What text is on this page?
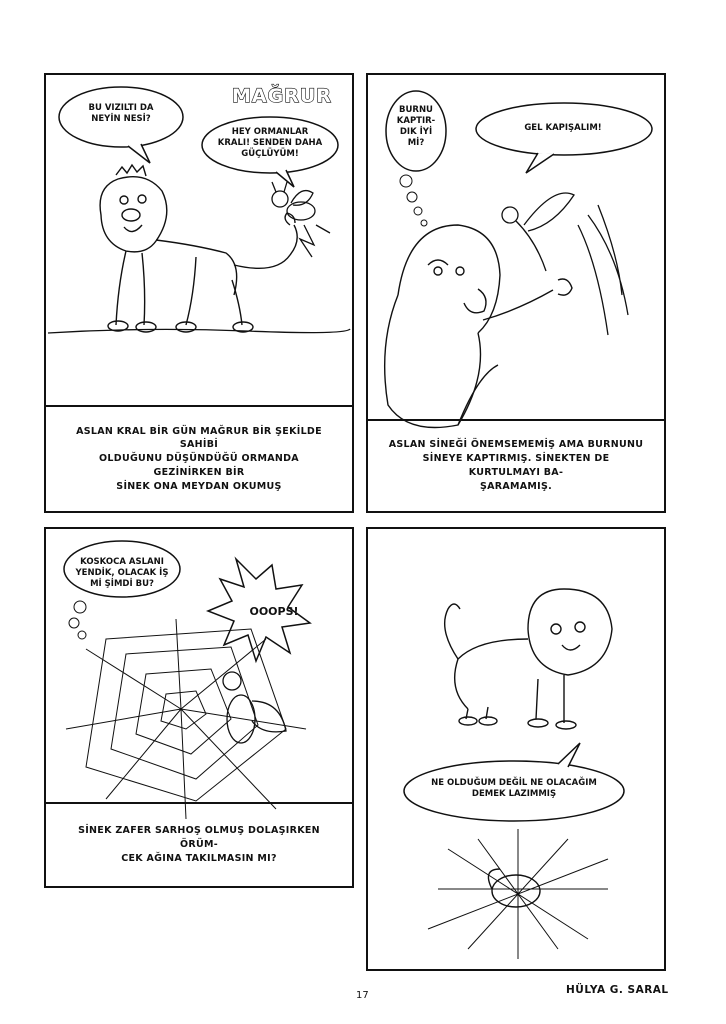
MAĞRUR
BU VIZILTI DA
NEYİN NESİ?
HEY ORMANLAR
KRALI! SENDEN DAHA
GÜÇLÜYÜM!
ASLAN KRAL BİR GÜN MAĞRUR BİR ŞEKİLDE SAHİBİ
OLDUĞUNU DÜŞÜNDÜĞÜ ORMANDA GEZİNİRKEN BİR
SİNEK ONA MEYDAN OKUMUŞ
BURNU
KAPTIR-
DIK İYİ
Mİ?
GEL KAPIŞALIM!
ASLAN SİNEĞİ ÖNEMSEMEMİŞ AMA BURNUNU
SİNEYE KAPTIRMIŞ. SİNEKTEN DE KURTULMAYI BA-
ŞARAMAMIŞ.
KOSKOCA ASLANI
YENDİK, OLACAK İŞ
Mİ ŞİMDİ BU?
OOOPS!
SİNEK ZAFER SARHOŞ OLMUŞ DOLAŞIRKEN ÖRÜM-
CEK AĞINA TAKILMASIN MI?
NE OLDUĞUM DEĞİL NE OLACAĞIM
DEMEK LAZIMMIŞ
17	HÜLYA G. SARAL
